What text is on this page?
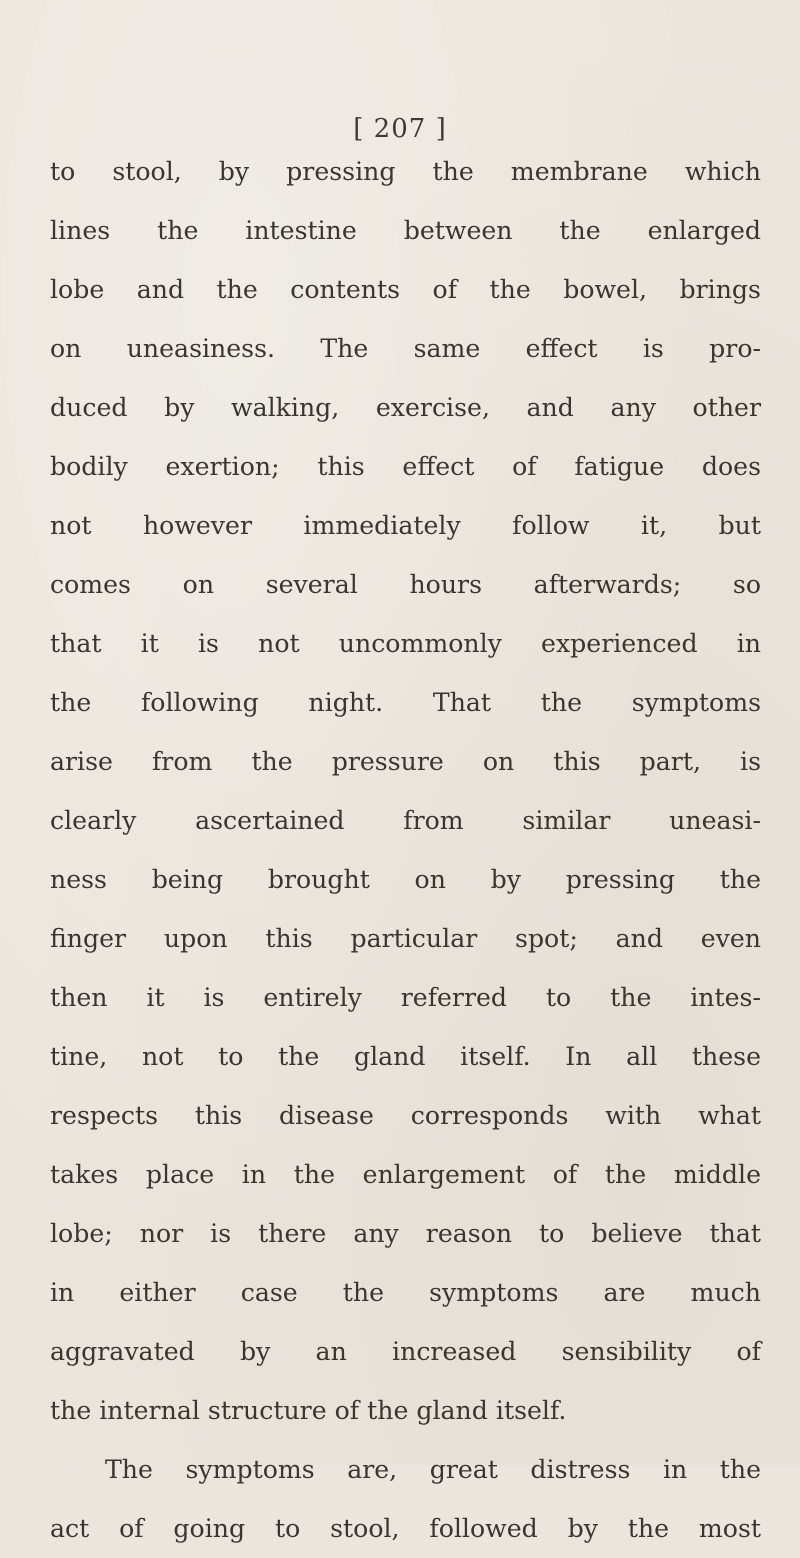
[ 207 ]

to stool, by pressing the membrane which

lines the intestine between the enlarged

lobe and the contents of the bowel, brings

on uneasiness. The same effect is pro-

duced by walking, exercise, and any other

bodily exertion; this effect of fatigue does

not however immediately follow it, but

comes on several hours afterwards; so

that it is not uncommonly experienced in

the following night. That the symptoms

arise from the pressure on this part, is

clearly ascertained from similar uneasi-

ness being brought on by pressing the

finger upon this particular spot; and even

then it is entirely referred to the intes-

tine, not to the gland itself. In all these

respects this disease corresponds with what

takes place in the enlargement of the middle

lobe; nor is there any reason to believe that

in either case the symptoms are much

aggravated by an increased sensibility of

the internal structure of the gland itself.

The symptoms are, great distress in the

act of going to stool, followed by the most
